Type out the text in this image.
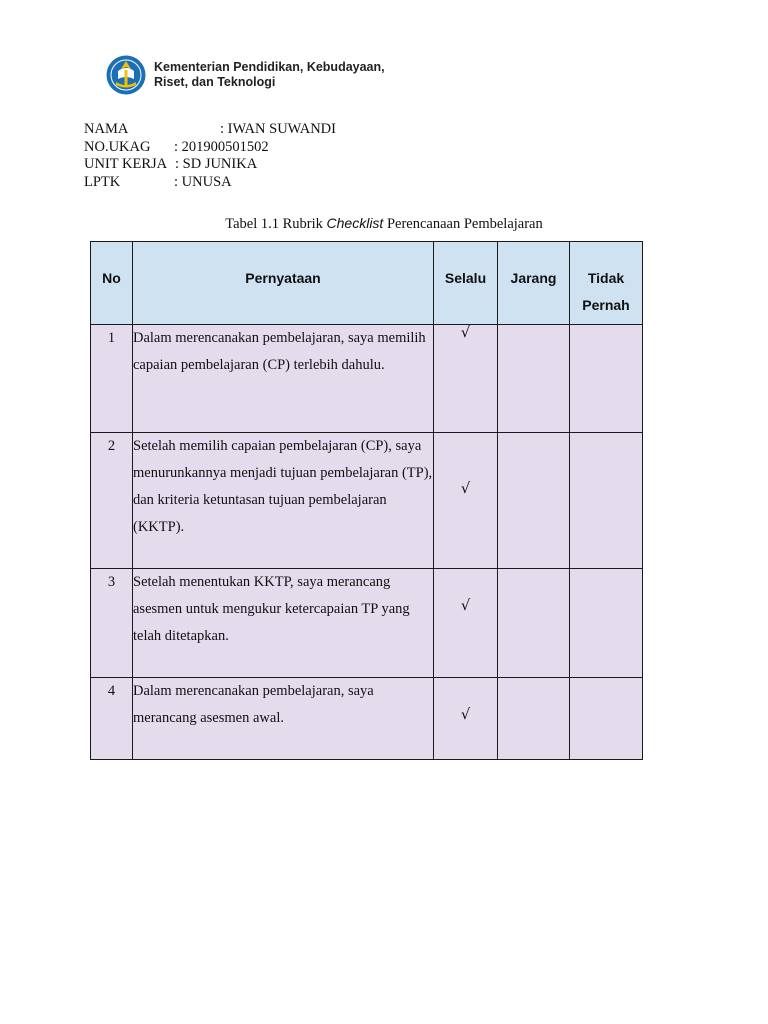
Kementerian Pendidikan, Kebudayaan,
Riset, dan Teknologi
NAMA	: IWAN SUWANDI
NO.UKAG : 201900501502
UNIT KERJA : SD JUNIKA
LPTK	: UNUSA
Tabel 1.1 Rubrik Checklist Perencanaan Pembelajaran
No	Pernyataan	Selalu	Jarang	Tidak Pernah
1	Dalam merencanakan pembelajaran, saya memilih capaian pembelajaran (CP) terlebih dahulu.	√		
2	Setelah memilih capaian pembelajaran (CP), saya menurunkannya menjadi tujuan pembelajaran (TP), dan kriteria ketuntasan tujuan pembelajaran (KKTP).	√		
3	Setelah menentukan KKTP, saya merancang asesmen untuk mengukur ketercapaian TP yang telah ditetapkan.	√		
4	Dalam merencanakan pembelajaran, saya merancang asesmen awal.	√		
